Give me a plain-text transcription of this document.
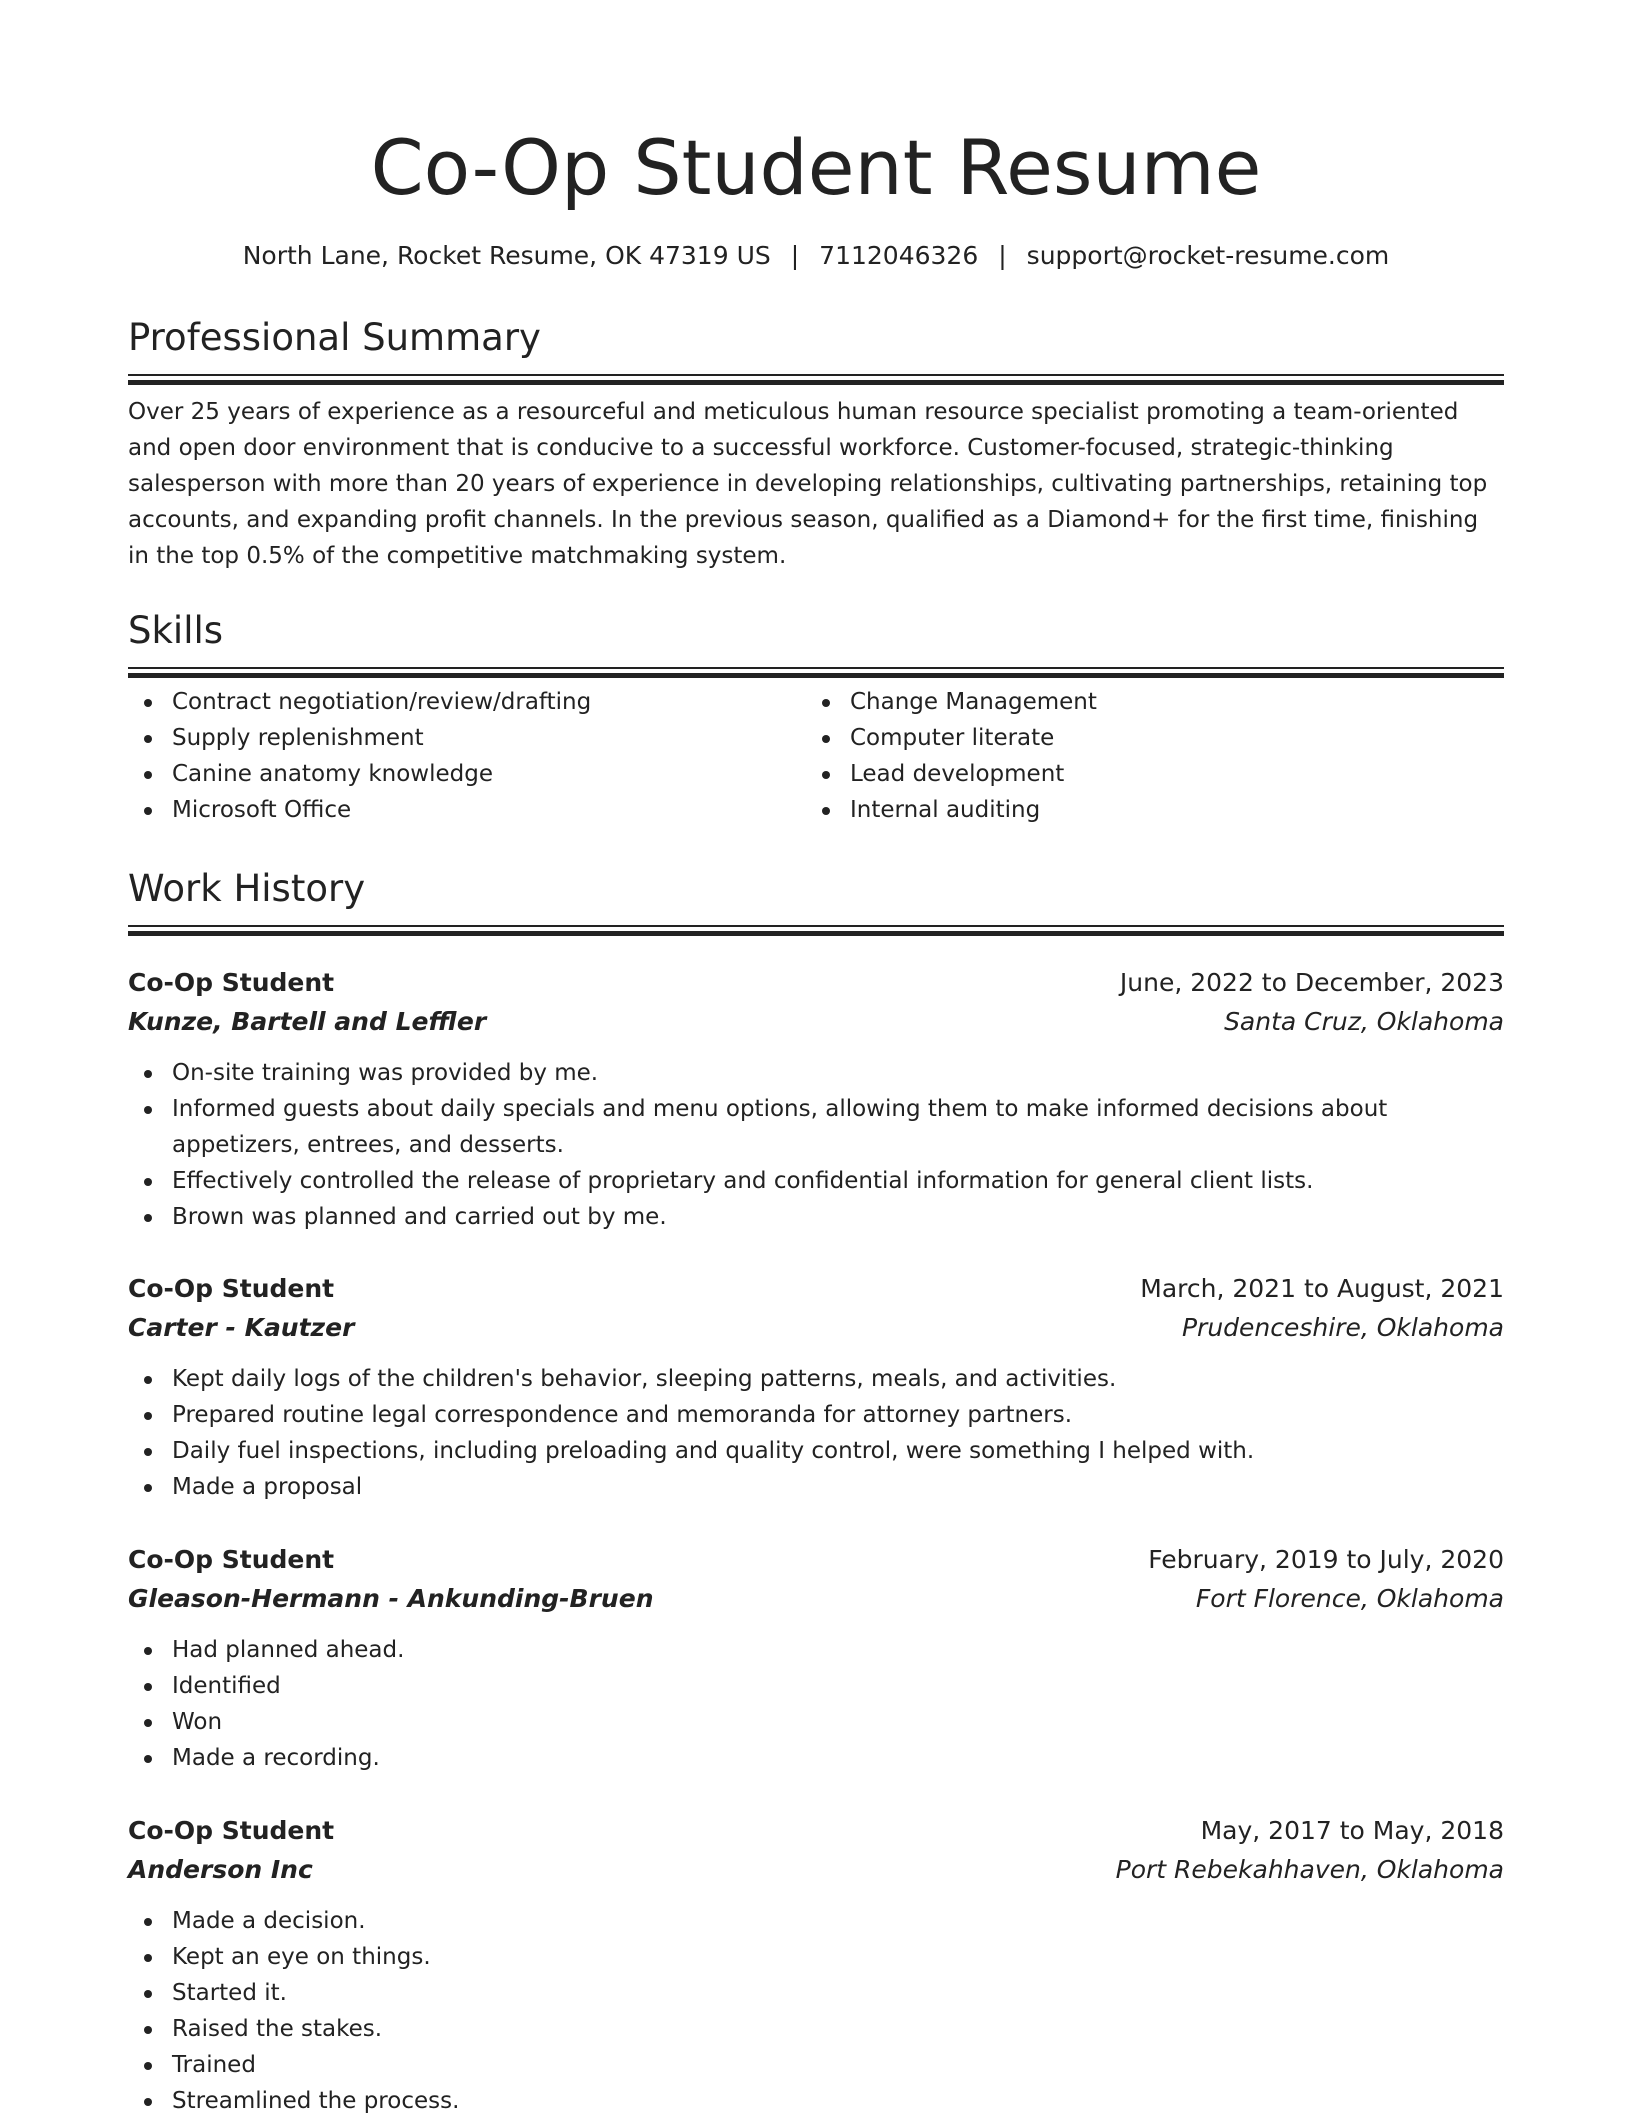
Co-Op Student Resume
North Lane, Rocket Resume, OK 47319 US | 7112046326 | support@rocket-resume.com
Professional Summary

Over 25 years of experience as a resourceful and meticulous human resource specialist promoting a team-oriented and open door environment that is conducive to a successful workforce. Customer-focused, strategic-thinking salesperson with more than 20 years of experience in developing relationships, cultivating partnerships, retaining top accounts, and expanding profit channels. In the previous season, qualified as a Diamond+ for the first time, finishing in the top 0.5% of the competitive matchmaking system.

Skills
Contract negotiation/review/drafting
Supply replenishment
Canine anatomy knowledge
Microsoft Office
Change Management
Computer literate
Lead development
Internal auditing
Work History
Co-Op Student	June, 2022 to December, 2023
Kunze, Bartell and Leffler	Santa Cruz, Oklahoma
On-site training was provided by me.
Informed guests about daily specials and menu options, allowing them to make informed decisions about appetizers, entrees, and desserts.
Effectively controlled the release of proprietary and confidential information for general client lists.
Brown was planned and carried out by me.
Co-Op Student	March, 2021 to August, 2021
Carter - Kautzer	Prudenceshire, Oklahoma
Kept daily logs of the children's behavior, sleeping patterns, meals, and activities.
Prepared routine legal correspondence and memoranda for attorney partners.
Daily fuel inspections, including preloading and quality control, were something I helped with.
Made a proposal
Co-Op Student	February, 2019 to July, 2020
Gleason-Hermann - Ankunding-Bruen	Fort Florence, Oklahoma
Had planned ahead.
Identified
Won
Made a recording.
Co-Op Student	May, 2017 to May, 2018
Anderson Inc	Port Rebekahhaven, Oklahoma
Made a decision.
Kept an eye on things.
Started it.
Raised the stakes.
Trained
Streamlined the process.
